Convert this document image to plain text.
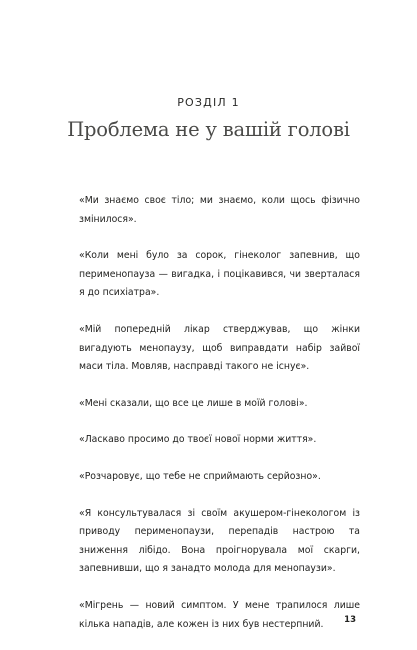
РОЗДІЛ 1
Проблема не у вашій голові

«Ми знаємо своє тіло; ми знаємо, коли щось фізично змінилося».

«Коли мені було за сорок, гінеколог запевнив, що перименопауза — вигадка, і поцікавився, чи зверталася я до психіатра».

«Мій попередній лікар стверджував, що жінки вигадують менопаузу, щоб виправдати набір зайвої маси тіла. Мовляв, насправді такого не існує».

«Мені сказали, що все це лише в моїй голові».

«Ласкаво просимо до твоєї нової норми життя».

«Розчаровує, що тебе не сприймають серйозно».

«Я консультувалася зі своїм акушером-гінекологом із приводу перименопаузи, перепадів настрою та зниження лібідо. Вона проігнорувала мої скарги, запевнивши, що я занадто молода для менопаузи».

«Мігрень — новий симптом. У мене трапилося лише кілька нападів, але кожен із них був нестерпний.	13
